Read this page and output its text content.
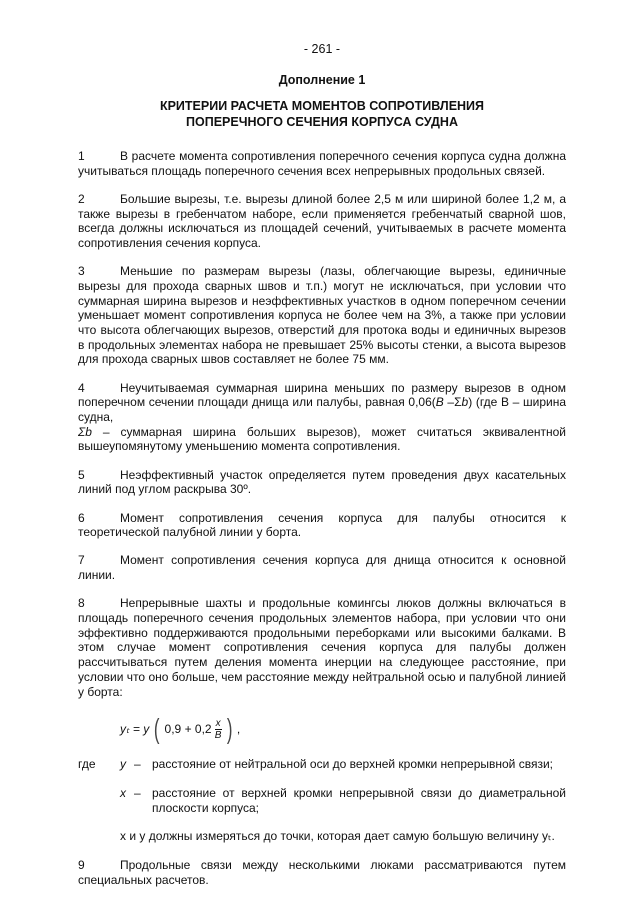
- 261 -
Дополнение 1
КРИТЕРИИ РАСЧЕТА МОМЕНТОВ СОПРОТИВЛЕНИЯ
ПОПЕРЕЧНОГО СЕЧЕНИЯ КОРПУСА СУДНА

1	В расчете момента сопротивления поперечного сечения корпуса судна должна учитываться площадь поперечного сечения всех непрерывных продольных связей.

2	Большие вырезы, т.е. вырезы длиной более 2,5 м или шириной более 1,2 м, а также вырезы в гребенчатом наборе, если применяется гребенчатый сварной шов, всегда должны исключаться из площадей сечений, учитываемых в расчете момента сопротивления сечения корпуса.

3	Меньшие по размерам вырезы (лазы, облегчающие вырезы, единичные вырезы для прохода сварных швов и т.п.) могут не исключаться, при условии что суммарная ширина вырезов и неэффективных участков в одном поперечном сечении уменьшает момент сопротивления корпуса не более чем на 3%, а также при условии что высота облегчающих вырезов, отверстий для протока воды и единичных вырезов в продольных элементах набора не превышает 25% высоты стенки, а высота вырезов для прохода сварных швов составляет не более 75 мм.

4	Неучитываемая суммарная ширина меньших по размеру вырезов в одном поперечном сечении площади днища или палубы, равная 0,06(B –Σb) (где B – ширина судна,
Σb – суммарная ширина больших вырезов), может считаться эквивалентной вышеупомянутому уменьшению момента сопротивления.

5	Неэффективный участок определяется путем проведения двух касательных линий под углом раскрыва 30º.

6	Момент сопротивления сечения корпуса для палубы относится к теоретической палубной линии у борта.

7	Момент сопротивления сечения корпуса для днища относится к основной линии.

8	Непрерывные шахты и продольные комингсы люков должны включаться в площадь поперечного сечения продольных элементов набора, при условии что они эффективно поддерживаются продольными переборками или высокими балками. В этом случае момент сопротивления сечения корпуса для палубы должен рассчитываться путем деления момента инерции на следующее расстояние, при условии что оно больше, чем расстояние между нейтральной осью и палубной линией у борта:

yₜ = y ( $0,9 + 0,2 \frac{x}{B}$ ) ,
где	y – расстояние от нейтральной оси до верхней кромки непрерывной связи;
x – расстояние от верхней кромки непрерывной связи до диаметральной плоскости корпуса;
x и y должны измеряться до точки, которая дает самую большую величину yₜ.

9	Продольные связи между несколькими люками рассматриваются путем специальных расчетов.
